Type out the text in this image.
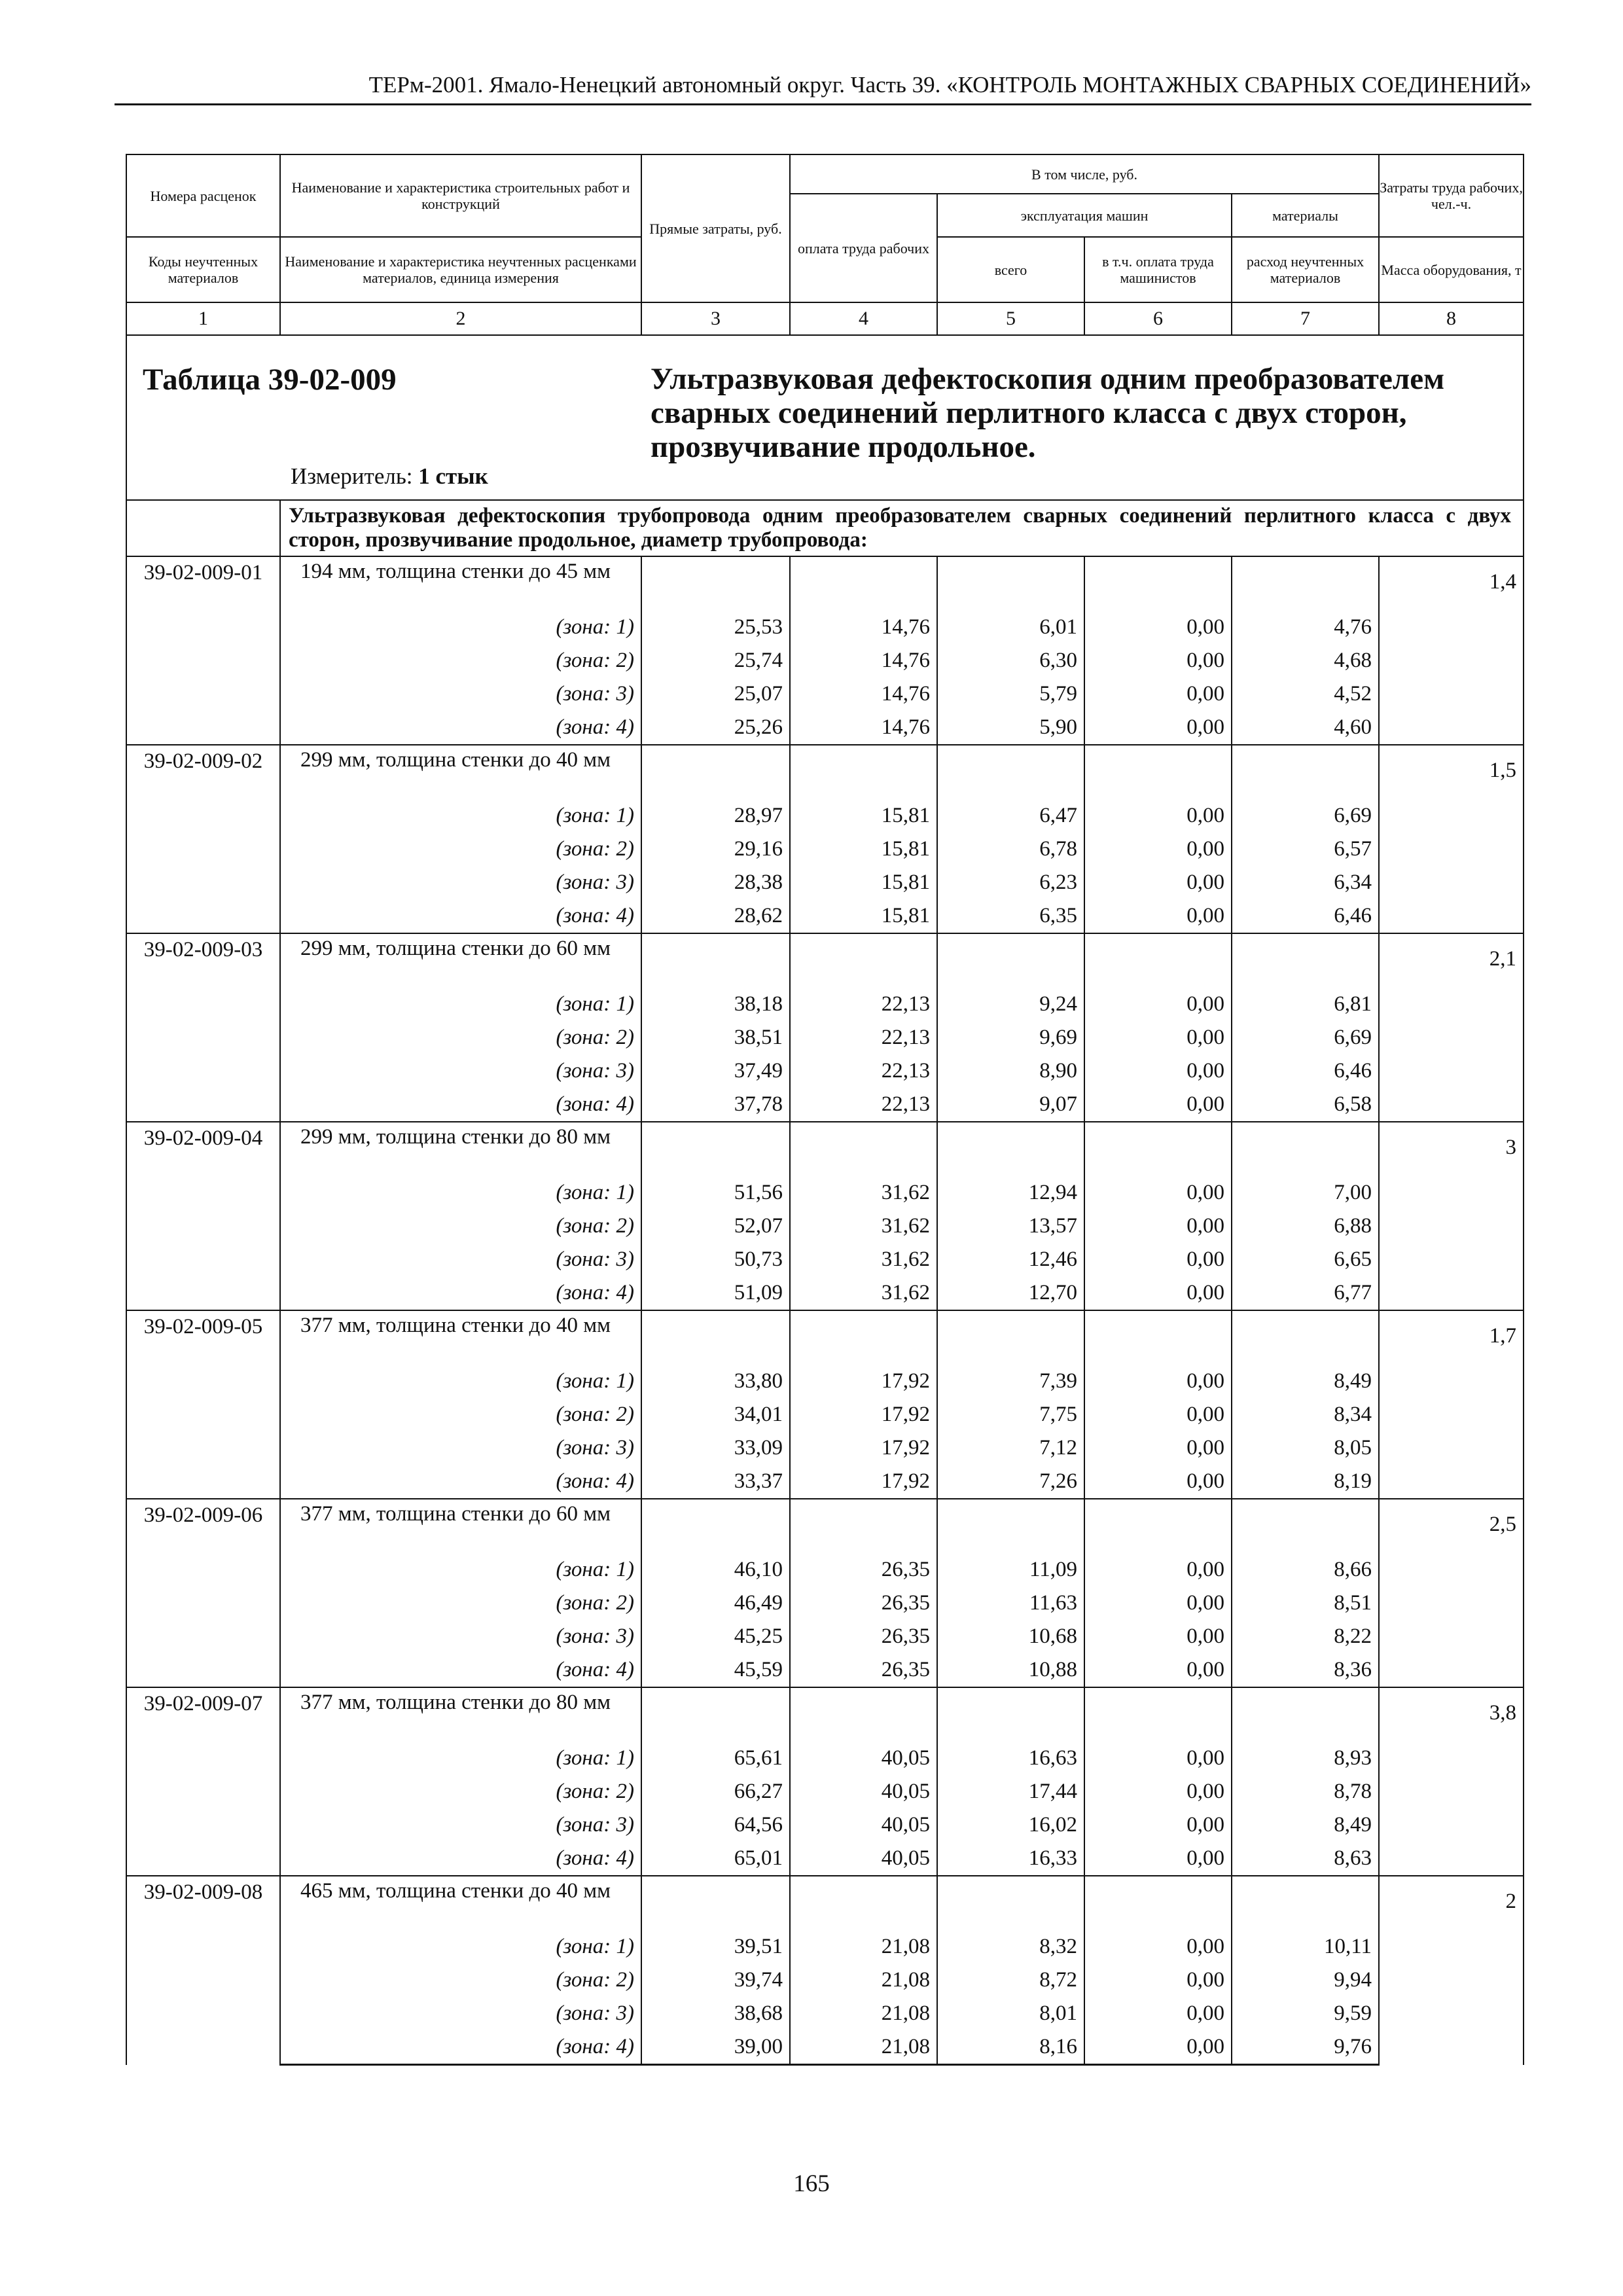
ТЕРм-2001. Ямало-Ненецкий автономный округ. Часть 39. «КОНТРОЛЬ МОНТАЖНЫХ СВАРНЫХ СОЕДИНЕНИЙ»
Номера расценок	Наименование и характеристика строительных работ и конструкций	Прямые затраты, руб.	В том числе, руб.				Затраты труда рабочих, чел.-ч.
			оплата труда рабочих	эксплуатация машин		материалы	
Коды неучтенных материалов	Наименование и характеристика неучтенных расценками материалов, единица измерения			всего	в т.ч. оплата труда машинистов	расход неучтенных материалов	Масса оборудования, т
1	2	3	4	5	6	7	8

Таблица 39-02-009 Ультразвуковая дефектоскопия одним преобразователем сварных соединений перлитного класса с двух сторон, прозвучивание продольное.
Измеритель: 1 стык							

	Ультразвуковая дефектоскопия трубопровода одним преобразователем сварных соединений перлитного класса с двух сторон, прозвучивание продольное, диаметр трубопровода:						
39-02-009-01	194 мм, толщина стенки до 45 мм						1,4
	(зона: 1)	25,53	14,76	6,01	0,00	4,76	
	(зона: 2)	25,74	14,76	6,30	0,00	4,68	
	(зона: 3)	25,07	14,76	5,79	0,00	4,52	
	(зона: 4)	25,26	14,76	5,90	0,00	4,60	
39-02-009-02	299 мм, толщина стенки до 40 мм						1,5
	(зона: 1)	28,97	15,81	6,47	0,00	6,69	
	(зона: 2)	29,16	15,81	6,78	0,00	6,57	
	(зона: 3)	28,38	15,81	6,23	0,00	6,34	
	(зона: 4)	28,62	15,81	6,35	0,00	6,46	
39-02-009-03	299 мм, толщина стенки до 60 мм						2,1
	(зона: 1)	38,18	22,13	9,24	0,00	6,81	
	(зона: 2)	38,51	22,13	9,69	0,00	6,69	
	(зона: 3)	37,49	22,13	8,90	0,00	6,46	
	(зона: 4)	37,78	22,13	9,07	0,00	6,58	
39-02-009-04	299 мм, толщина стенки до 80 мм						3
	(зона: 1)	51,56	31,62	12,94	0,00	7,00	
	(зона: 2)	52,07	31,62	13,57	0,00	6,88	
	(зона: 3)	50,73	31,62	12,46	0,00	6,65	
	(зона: 4)	51,09	31,62	12,70	0,00	6,77	
39-02-009-05	377 мм, толщина стенки до 40 мм						1,7
	(зона: 1)	33,80	17,92	7,39	0,00	8,49	
	(зона: 2)	34,01	17,92	7,75	0,00	8,34	
	(зона: 3)	33,09	17,92	7,12	0,00	8,05	
	(зона: 4)	33,37	17,92	7,26	0,00	8,19	
39-02-009-06	377 мм, толщина стенки до 60 мм						2,5
	(зона: 1)	46,10	26,35	11,09	0,00	8,66	
	(зона: 2)	46,49	26,35	11,63	0,00	8,51	
	(зона: 3)	45,25	26,35	10,68	0,00	8,22	
	(зона: 4)	45,59	26,35	10,88	0,00	8,36	
39-02-009-07	377 мм, толщина стенки до 80 мм						3,8
	(зона: 1)	65,61	40,05	16,63	0,00	8,93	
	(зона: 2)	66,27	40,05	17,44	0,00	8,78	
	(зона: 3)	64,56	40,05	16,02	0,00	8,49	
	(зона: 4)	65,01	40,05	16,33	0,00	8,63	
39-02-009-08	465 мм, толщина стенки до 40 мм						2
	(зона: 1)	39,51	21,08	8,32	0,00	10,11	
	(зона: 2)	39,74	21,08	8,72	0,00	9,94	
	(зона: 3)	38,68	21,08	8,01	0,00	9,59	
	(зона: 4)	39,00	21,08	8,16	0,00	9,76	
165
